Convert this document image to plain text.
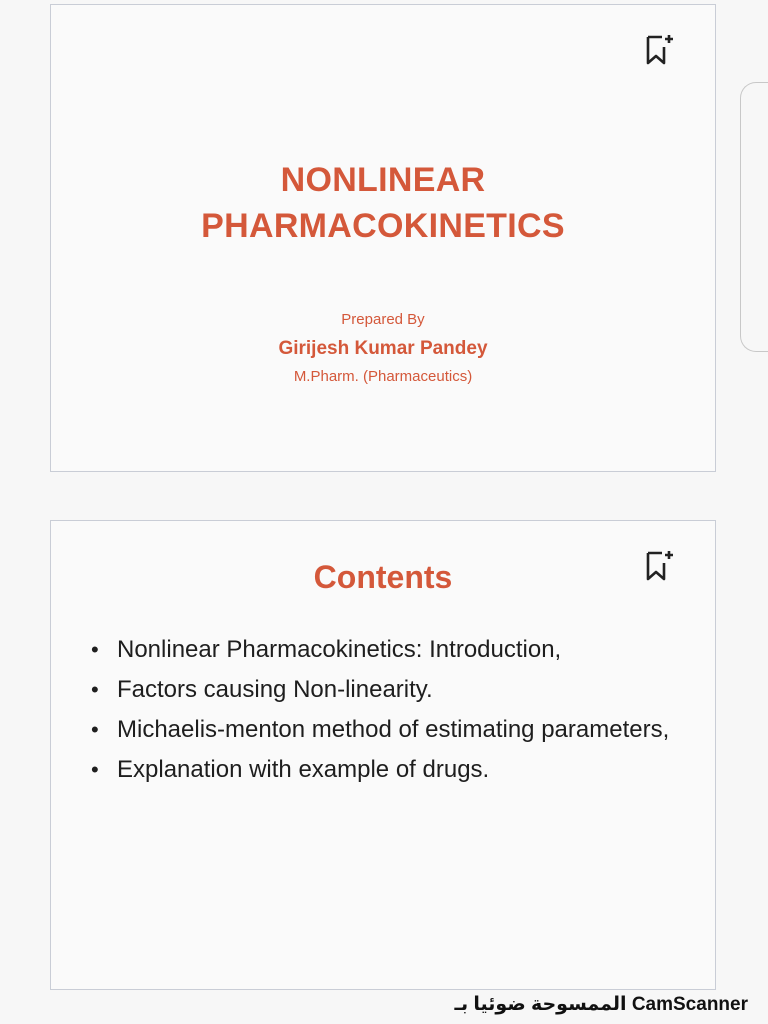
NONLINEAR
PHARMACOKINETICS
Prepared By
Girijesh Kumar Pandey
M.Pharm. (Pharmaceutics)
Contents
• Nonlinear Pharmacokinetics: Introduction,
• Factors causing Non-linearity.
• Michaelis-menton method of estimating parameters,
• Explanation with example of drugs.
الممسوحة ضوئيا بـ CamScanner
